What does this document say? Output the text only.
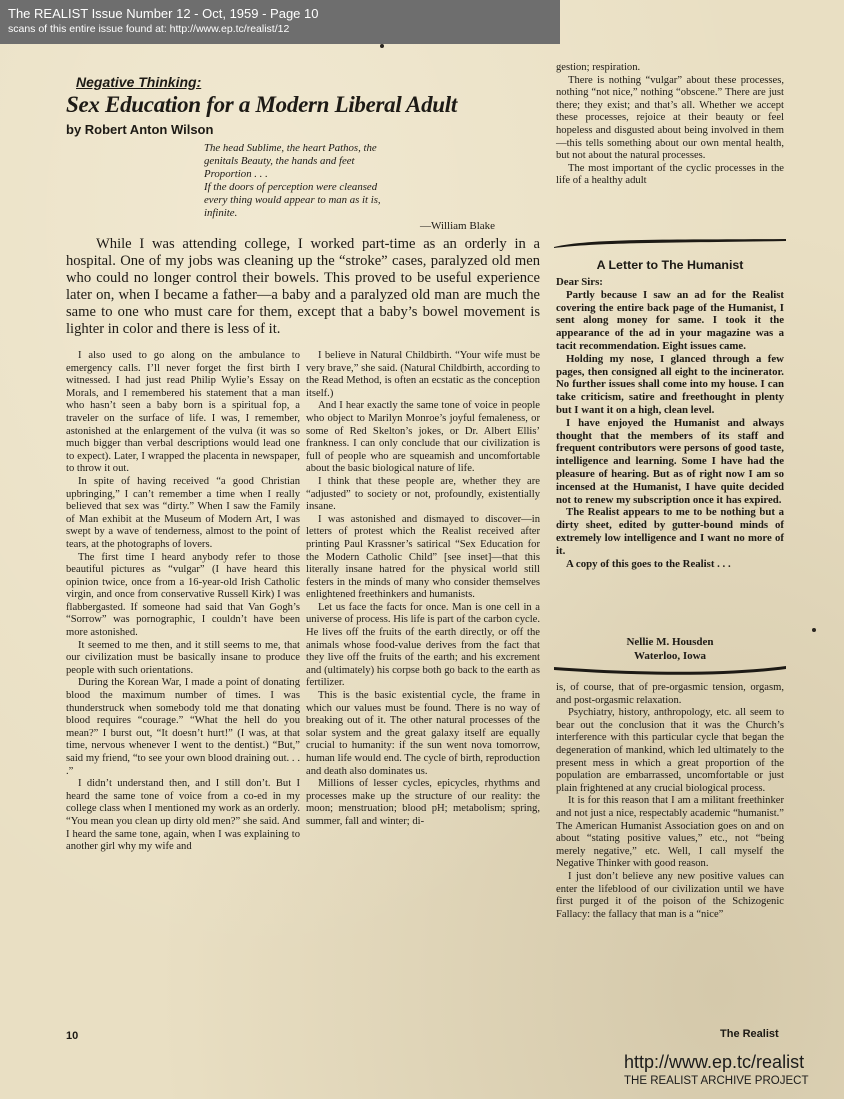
The REALIST Issue Number 12 - Oct, 1959 - Page 10
scans of this entire issue found at: http://www.ep.tc/realist/12
Negative Thinking:
Sex Education for a Modern Liberal Adult
by Robert Anton Wilson
The head Sublime, the heart Pathos, the
genitals Beauty, the hands and feet
Proportion . . .
If the doors of perception were cleansed
every thing would appear to man as it is,
infinite.
—William Blake
While I was attending college, I worked part-time as an orderly in a hospital. One of my jobs was cleaning up the “stroke” cases, paralyzed old men who could no longer control their bowels. This proved to be useful experience later on, when I became a father—a baby and a paralyzed old man are much the same to one who must care for them, except that a baby’s bowel movement is lighter in color and there is less of it.

I also used to go along on the ambulance to emergency calls. I’ll never forget the first birth I witnessed. I had just read Philip Wylie’s Essay on Morals, and I remembered his statement that a man who hasn’t seen a baby born is a spiritual fop, a traveler on the surface of life. I was, I remember, astonished at the enlargement of the vulva (it was so much bigger than verbal descriptions would lead one to expect). Later, I wrapped the placenta in newspaper, to throw it out.

In spite of having received “a good Christian upbringing,” I can’t remember a time when I really believed that sex was “dirty.” When I saw the Family of Man exhibit at the Museum of Modern Art, I was swept by a wave of tenderness, almost to the point of tears, at the photographs of lovers.

The first time I heard anybody refer to those beautiful pictures as “vulgar” (I have heard this opinion twice, once from a 16-year-old Irish Catholic virgin, and once from conservative Russell Kirk) I was flabbergasted. If someone had said that Van Gogh’s “Sorrow” was pornographic, I couldn’t have been more astonished.

It seemed to me then, and it still seems to me, that our civilization must be basically insane to produce people with such orientations.

During the Korean War, I made a point of donating blood the maximum number of times. I was thunderstruck when somebody told me that donating blood requires “courage.” “What the hell do you mean?” I burst out, “It doesn’t hurt!” (I was, at that time, nervous whenever I went to the dentist.) “But,” said my friend, “to see your own blood draining out. . . .”

I didn’t understand then, and I still don’t. But I heard the same tone of voice from a co-ed in my college class when I mentioned my work as an orderly. “You mean you clean up dirty old men?” she said. And I heard the same tone, again, when I was explaining to another girl why my wife and

I believe in Natural Childbirth. “Your wife must be very brave,” she said. (Natural Childbirth, according to the Read Method, is often an ecstatic as the conception itself.)

And I hear exactly the same tone of voice in people who object to Marilyn Monroe’s joyful femaleness, or some of Red Skelton’s jokes, or Dr. Albert Ellis’ frankness. I can only conclude that our civilization is full of people who are squeamish and uncomfortable about the basic biological nature of life.

I think that these people are, whether they are “adjusted” to society or not, profoundly, existentially insane.

I was astonished and dismayed to discover—in letters of protest which the Realist received after printing Paul Krassner’s satirical “Sex Education for the Modern Catholic Child” [see inset]—that this literally insane hatred for the physical world still festers in the minds of many who consider themselves enlightened freethinkers and humanists.

Let us face the facts for once. Man is one cell in a universe of process. His life is part of the carbon cycle. He lives off the fruits of the earth directly, or off the animals whose food-value derives from the fact that they live off the fruits of the earth; and his excrement and (ultimately) his corpse both go back to the earth as fertilizer.

This is the basic existential cycle, the frame in which our values must be found. There is no way of breaking out of it. The other natural processes of the solar system and the great galaxy itself are equally crucial to humanity: if the sun went nova tomorrow, human life would end. The cycle of birth, reproduction and death also dominates us.

Millions of lesser cycles, epicycles, rhythms and processes make up the structure of our reality: the moon; menstruation; blood pH; metabolism; spring, summer, fall and winter; di-

gestion; respiration.

There is nothing “vulgar” about these processes, nothing “not nice,” nothing “obscene.” There are just there; they exist; and that’s all. Whether we accept these processes, rejoice at their beauty or feel hopeless and disgusted about being involved in them—this tells something about our own mental health, but not about the natural processes.

The most important of the cyclic processes in the life of a healthy adult

A Letter to The Humanist

Dear Sirs:

Partly because I saw an ad for the Realist covering the entire back page of the Humanist, I sent along money for same. I took it the appearance of the ad in your magazine was a tacit recommendation. Eight issues came.

Holding my nose, I glanced through a few pages, then consigned all eight to the incinerator. No further issues shall come into my house. I can take criticism, satire and freethought in plenty but I want it on a high, clean level.

I have enjoyed the Humanist and always thought that the members of its staff and frequent contributors were persons of good taste, intelligence and learning. Some I have had the pleasure of hearing. But as of right now I am so incensed at the Humanist, I have quite decided not to renew my subscription once it has expired.

The Realist appears to me to be nothing but a dirty sheet, edited by gutter-bound minds of extremely low intelligence and I want no more of it.

A copy of this goes to the Realist . . .

Nellie M. Housden
Waterloo, Iowa

is, of course, that of pre-orgasmic tension, orgasm, and post-orgasmic relaxation.

Psychiatry, history, anthropology, etc. all seem to bear out the conclusion that it was the Church’s interference with this particular cycle that began the degeneration of mankind, which led ultimately to the present mess in which a great proportion of the population are embarrassed, uncomfortable or just plain frightened at any crucial biological process.

It is for this reason that I am a militant freethinker and not just a nice, respectably academic “humanist.” The American Humanist Association goes on and on about “stating positive values,” etc., not “being merely negative,” etc. Well, I call myself the Negative Thinker with good reason.

I just don’t believe any new positive values can enter the lifeblood of our civilization until we have first purged it of the poison of the Schizogenic Fallacy: the fallacy that man is a “nice”

10	The Realist
http://www.ep.tc/realist
THE REALIST ARCHIVE PROJECT
